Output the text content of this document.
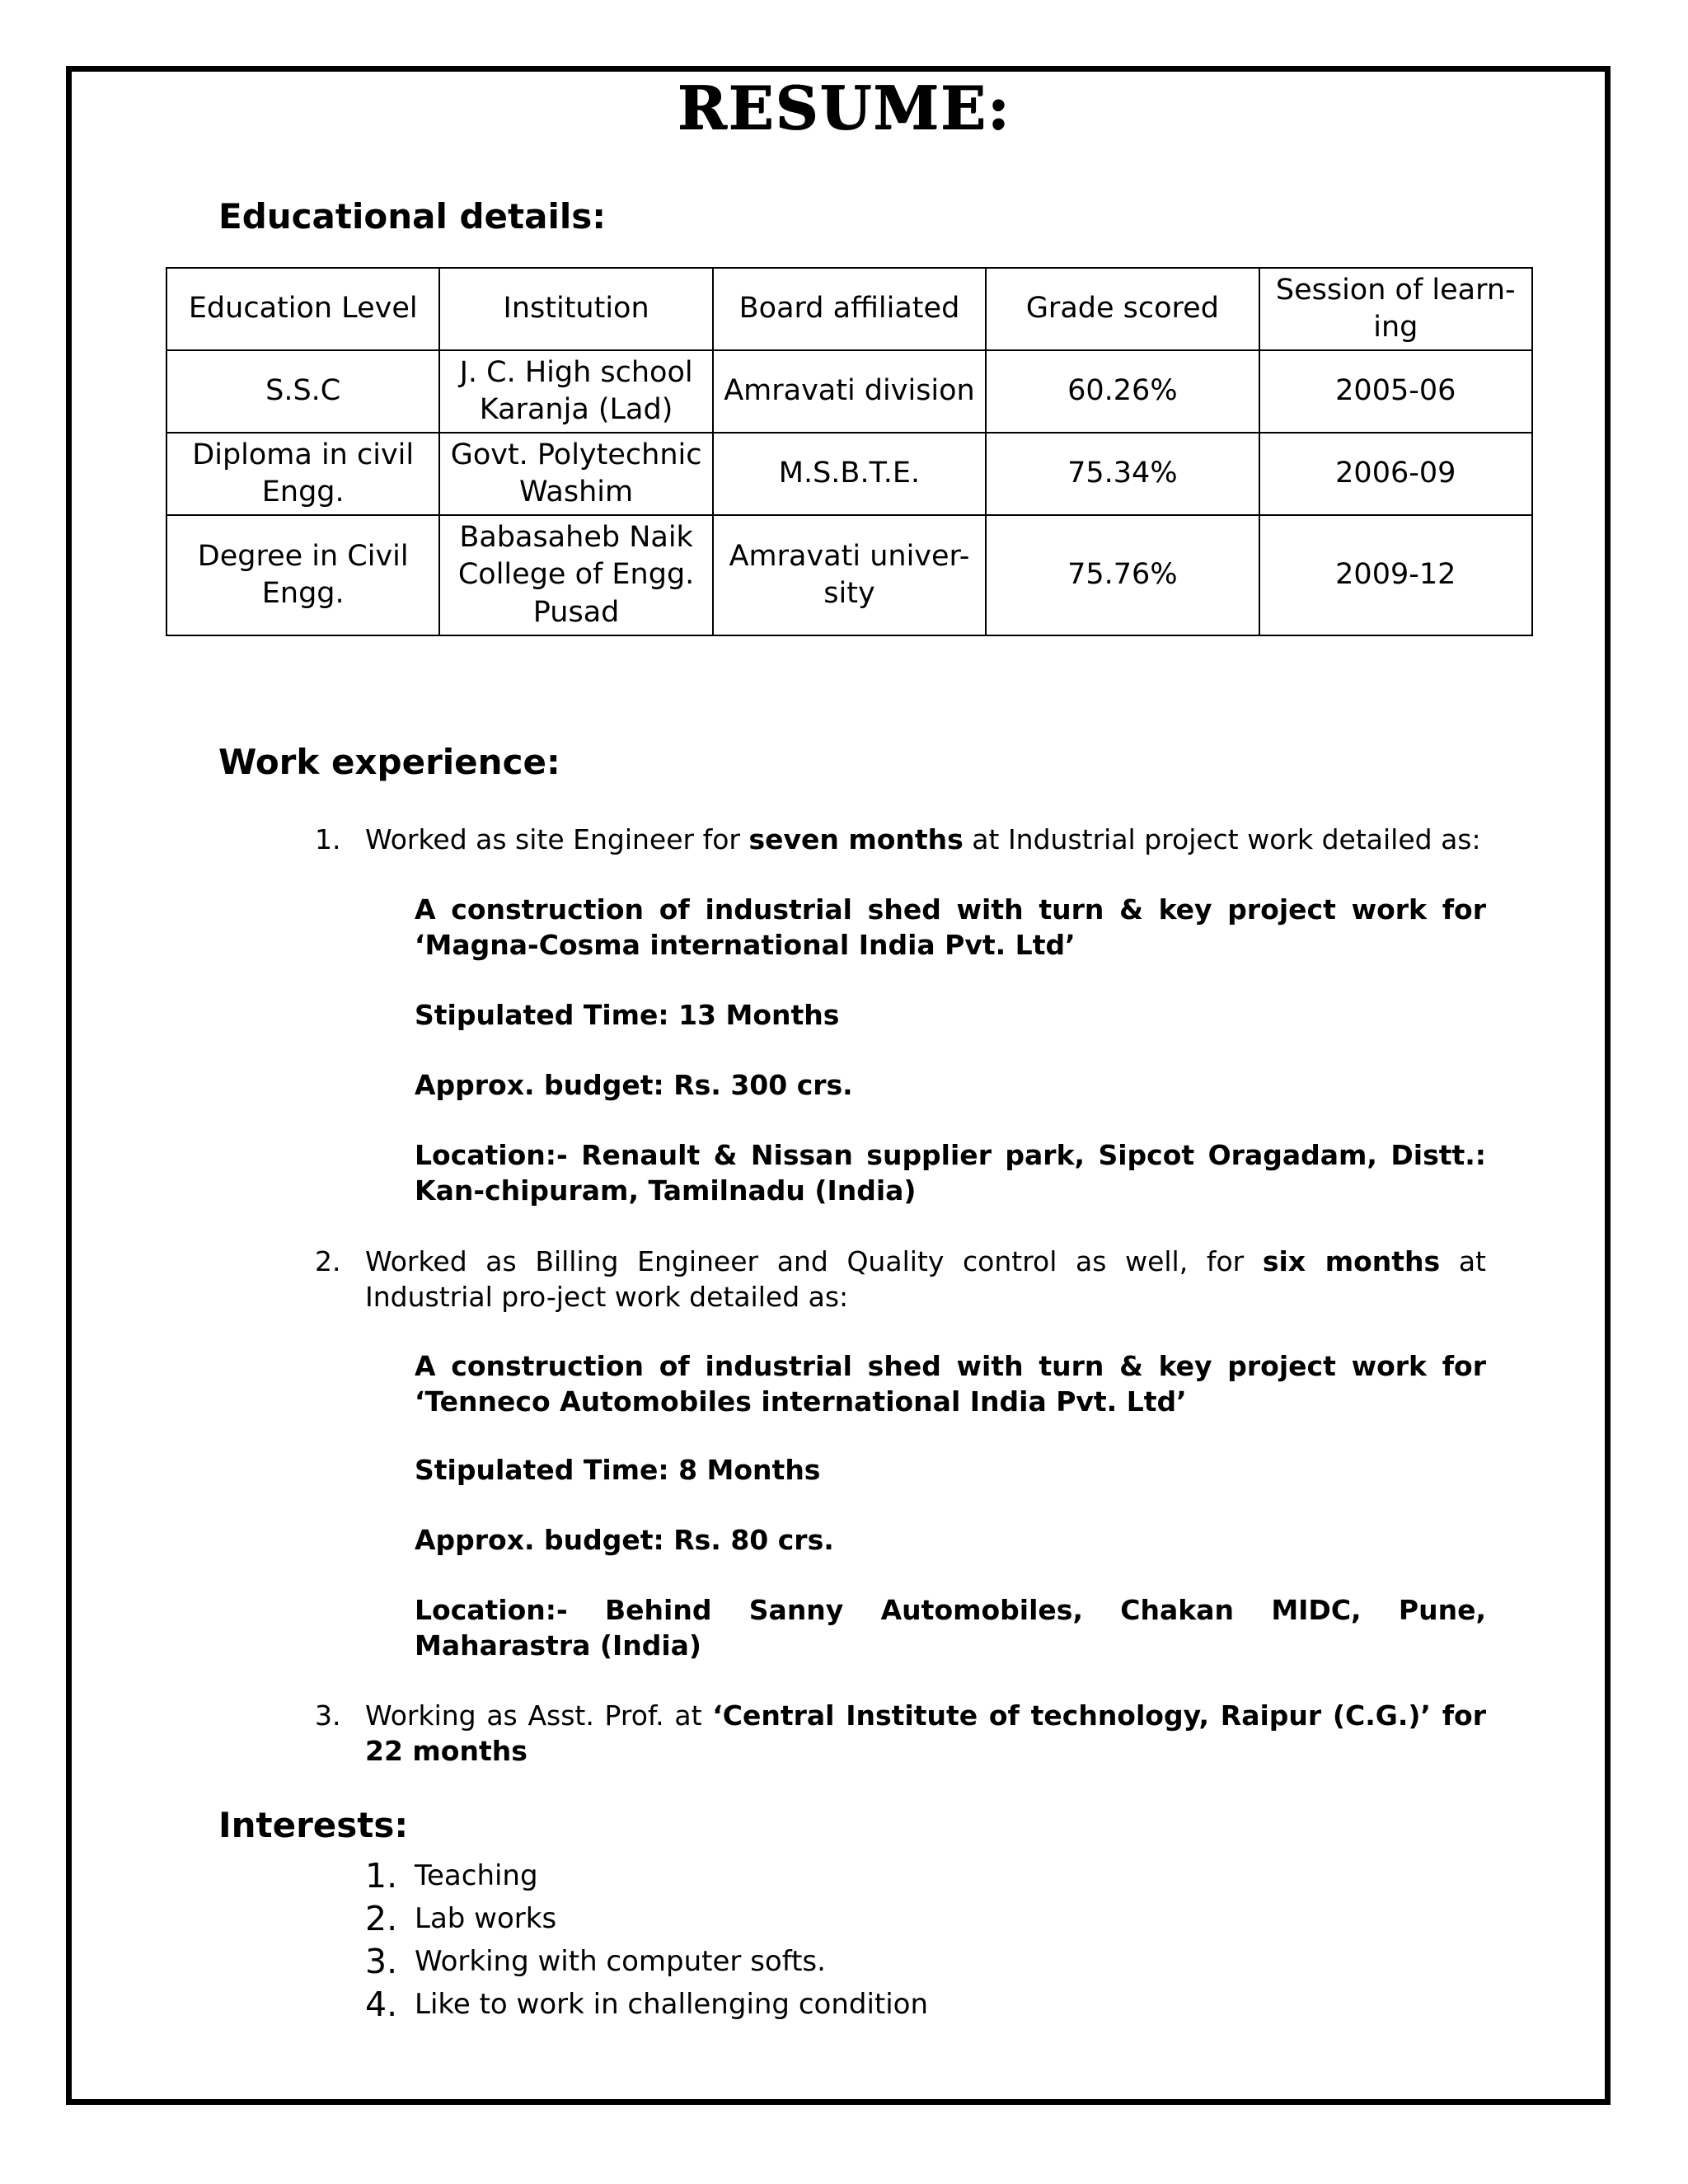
RESUME:
Educational details:
Education Level	Institution	Board affiliated	Grade scored	Session of learn-ing
S.S.C	J. C. High school Karanja (Lad)	Amravati division	60.26%	2005-06
Diploma in civil Engg.	Govt. Polytechnic Washim	M.S.B.T.E.	75.34%	2006-09
Degree in Civil Engg.	Babasaheb Naik College of Engg. Pusad	Amravati univer-sity	75.76%	2009-12
Work experience:
1. Worked as site Engineer for seven months at Industrial project work detailed as:
A construction of industrial shed with turn & key project work for ‘Magna-Cosma international India Pvt. Ltd’
Stipulated Time: 13 Months
Approx. budget: Rs. 300 crs.
Location:- Renault & Nissan supplier park, Sipcot Oragadam, Distt.: Kan-chipuram, Tamilnadu (India)
2. Worked as Billing Engineer and Quality control as well, for six months at Industrial pro-ject work detailed as:
A construction of industrial shed with turn & key project work for ‘Tenneco Automobiles international India Pvt. Ltd’
Stipulated Time: 8 Months
Approx. budget: Rs. 80 crs.
Location:- Behind Sanny Automobiles, Chakan MIDC, Pune, Maharastra (India)
3. Working as Asst. Prof. at ‘Central Institute of technology, Raipur (C.G.)’ for 22 months
Interests:
1. Teaching
2. Lab works
3. Working with computer softs.
4. Like to work in challenging condition
